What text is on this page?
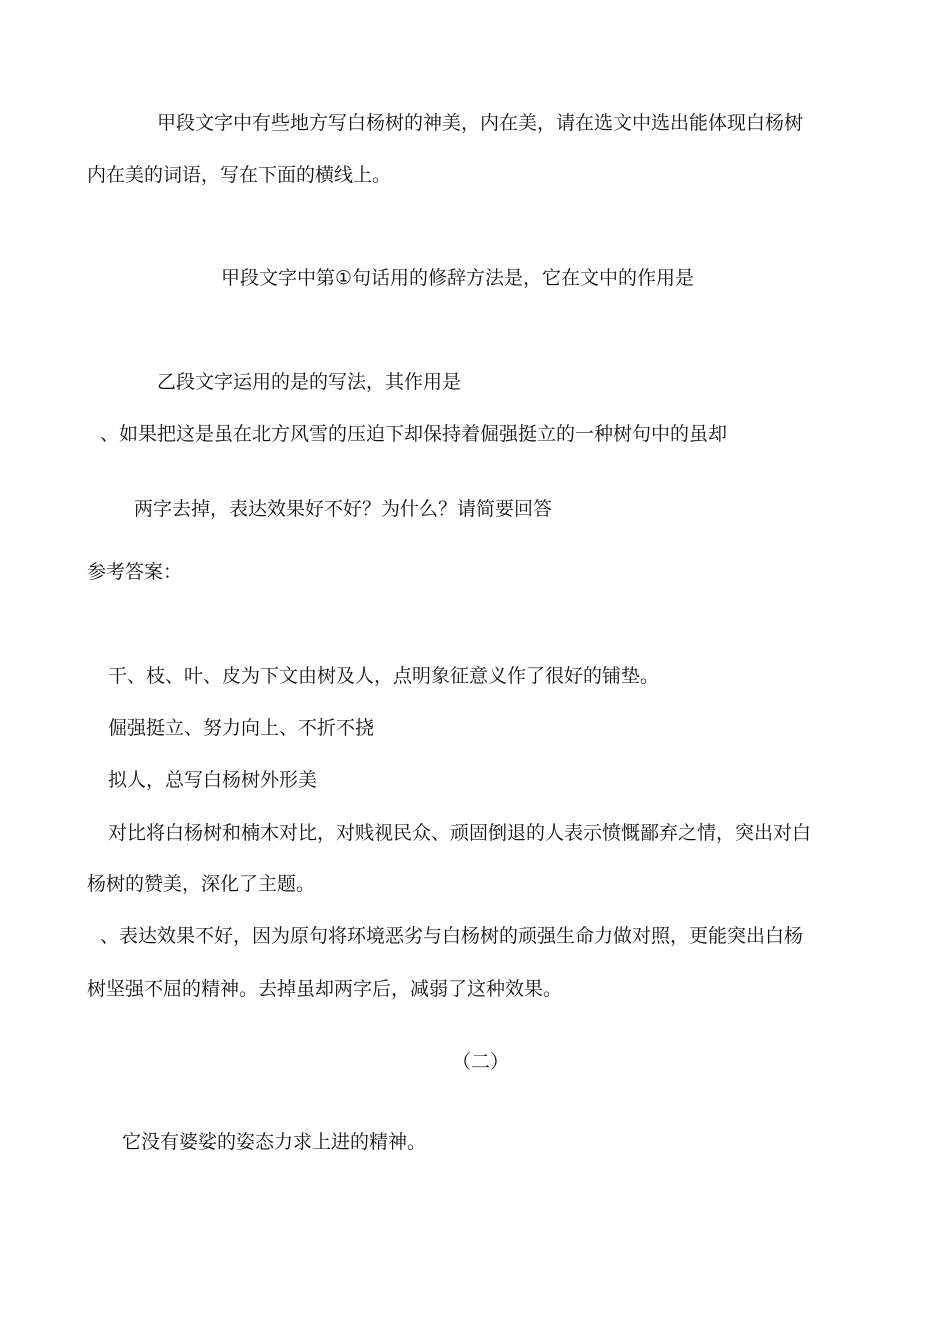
甲段文字中有些地方写白杨树的神美，内在美，请在选文中选出能体现白杨树
内在美的词语，写在下面的横线上。
甲段文字中第①句话用的修辞方法是，它在文中的作用是
乙段文字运用的是的写法，其作用是
、如果把这是虽在北方风雪的压迫下却保持着倔强挺立的一种树句中的虽却
两字去掉，表达效果好不好？为什么？请简要回答
参考答案：
干、枝、叶、皮为下文由树及人，点明象征意义作了很好的铺垫。
倔强挺立、努力向上、不折不挠
拟人，总写白杨树外形美
对比将白杨树和楠木对比，对贱视民众、顽固倒退的人表示愤慨鄙弃之情，突出对白
杨树的赞美，深化了主题。
、表达效果不好，因为原句将环境恶劣与白杨树的顽强生命力做对照，更能突出白杨
树坚强不屈的精神。去掉虽却两字后，减弱了这种效果。
（二）
它没有婆娑的姿态力求上进的精神。
